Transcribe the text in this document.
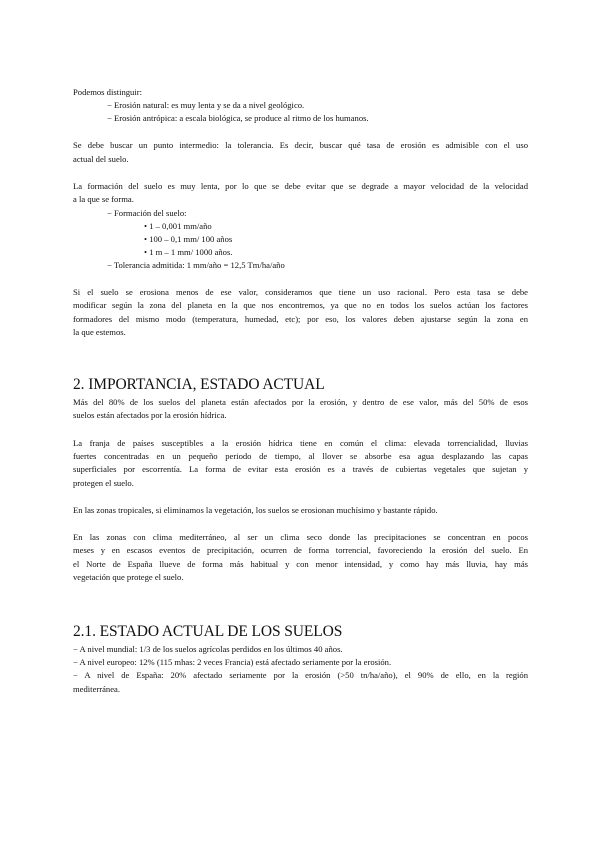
Podemos distinguir:
− Erosión natural: es muy lenta y se da a nivel geológico.
− Erosión antrópica: a escala biológica, se produce al ritmo de los humanos.
Se debe buscar un punto intermedio: la tolerancia. Es decir, buscar qué tasa de erosión es admisible con el uso
actual del suelo.
La formación del suelo es muy lenta, por lo que se debe evitar que se degrade a mayor velocidad de la velocidad
a la que se forma.
− Formación del suelo:
• 1 – 0,001 mm/año
• 100 – 0,1 mm/ 100 años
• 1 m – 1 mm/ 1000 años.
− Tolerancia admitida: 1 mm/año = 12,5 Tm/ha/año
Si el suelo se erosiona menos de ese valor, consideramos que tiene un uso racional. Pero esta tasa se debe
modificar según la zona del planeta en la que nos encontremos, ya que no en todos los suelos actúan los factores
formadores del mismo modo (temperatura, humedad, etc); por eso, los valores deben ajustarse según la zona en
la que estemos.
2. IMPORTANCIA, ESTADO ACTUAL
Más del 80% de los suelos del planeta están afectados por la erosión, y dentro de ese valor, más del 50% de esos
suelos están afectados por la erosión hídrica.
La franja de países susceptibles a la erosión hídrica tiene en común el clima: elevada torrencialidad, lluvias
fuertes concentradas en un pequeño periodo de tiempo, al llover se absorbe esa agua desplazando las capas
superficiales por escorrentía. La forma de evitar esta erosión es a través de cubiertas vegetales que sujetan y
protegen el suelo.
En las zonas tropicales, si eliminamos la vegetación, los suelos se erosionan muchísimo y bastante rápido.
En las zonas con clima mediterráneo, al ser un clima seco donde las precipitaciones se concentran en pocos
meses y en escasos eventos de precipitación, ocurren de forma torrencial, favoreciendo la erosión del suelo. En
el Norte de España llueve de forma más habitual y con menor intensidad, y como hay más lluvia, hay más
vegetación que protege el suelo.
2.1. ESTADO ACTUAL DE LOS SUELOS
− A nivel mundial: 1/3 de los suelos agrícolas perdidos en los últimos 40 años.
− A nivel europeo: 12% (115 mhas: 2 veces Francia) está afectado seriamente por la erosión.
− A nivel de España: 20% afectado seriamente por la erosión (>50 tn/ha/año), el 90% de ello, en la región
mediterránea.
